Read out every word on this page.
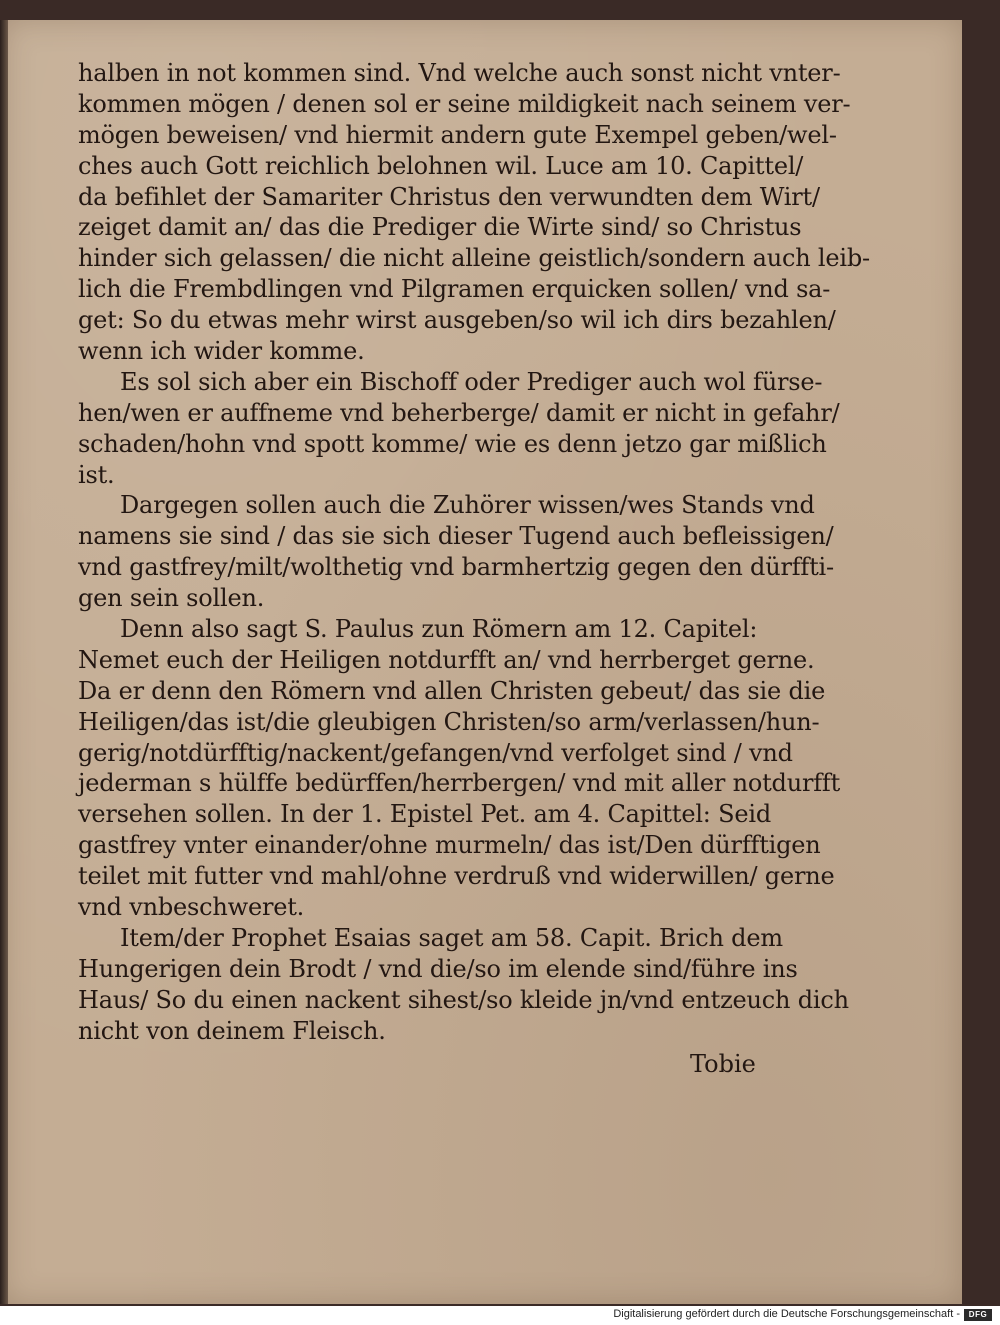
halben in not kommen sind. Vnd welche auch sonst nicht vnter-
kommen mögen / denen sol er seine mildigkeit nach seinem ver-
mögen beweisen/ vnd hiermit andern gute Exempel geben/wel-
ches auch Gott reichlich belohnen wil. Luce am 10. Capittel/
da befihlet der Samariter Christus den verwundten dem Wirt/
zeiget damit an/ das die Prediger die Wirte sind/ so Christus
hinder sich gelassen/ die nicht alleine geistlich/sondern auch leib-
lich die Frembdlingen vnd Pilgramen erquicken sollen/ vnd sa-
get: So du etwas mehr wirst ausgeben/so wil ich dirs bezahlen/
wenn ich wider komme.
Es sol sich aber ein Bischoff oder Prediger auch wol fürse-
hen/wen er auffneme vnd beherberge/ damit er nicht in gefahr/
schaden/hohn vnd spott komme/ wie es denn jetzo gar mißlich
ist.
Dargegen sollen auch die Zuhörer wissen/wes Stands vnd
namens sie sind / das sie sich dieser Tugend auch befleissigen/
vnd gastfrey/milt/wolthetig vnd barmhertzig gegen den dürffti-
gen sein sollen.
Denn also sagt S. Paulus zun Römern am 12. Capitel:
Nemet euch der Heiligen notdurfft an/ vnd herrberget gerne.
Da er denn den Römern vnd allen Christen gebeut/ das sie die
Heiligen/das ist/die gleubigen Christen/so arm/verlassen/hun-
gerig/notdürfftig/nackent/gefangen/vnd verfolget sind / vnd
jederman s hülffe bedürffen/herrbergen/ vnd mit aller notdurfft
versehen sollen. In der 1. Epistel Pet. am 4. Capittel: Seid
gastfrey vnter einander/ohne murmeln/ das ist/Den dürfftigen
teilet mit futter vnd mahl/ohne verdruß vnd widerwillen/ gerne
vnd vnbeschweret.
Item/der Prophet Esaias saget am 58. Capit. Brich dem
Hungerigen dein Brodt / vnd die/so im elende sind/führe ins
Haus/ So du einen nackent sihest/so kleide jn/vnd entzeuch dich
nicht von deinem Fleisch.
Tobie
Digitalisierung gefördert durch die Deutsche Forschungsgemeinschaft -	DFG
